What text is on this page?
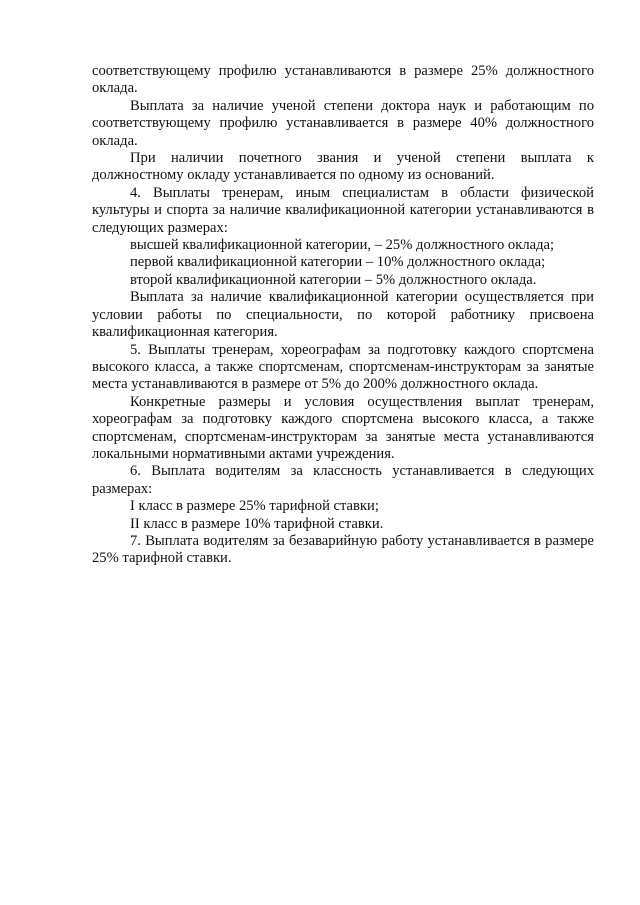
соответствующему профилю устанавливаются в размере 25% должностного оклада.

Выплата за наличие ученой степени доктора наук и работающим по соответствующему профилю устанавливается в размере 40% должностного оклада.

При наличии почетного звания и ученой степени выплата к должностному окладу устанавливается по одному из оснований.

4. Выплаты тренерам, иным специалистам в области физической культуры и спорта за наличие квалификационной категории устанавливаются в следующих размерах:

высшей квалификационной категории, – 25% должностного оклада;

первой квалификационной категории – 10% должностного оклада;

второй квалификационной категории – 5% должностного оклада.

Выплата за наличие квалификационной категории осуществляется при условии работы по специальности, по которой работнику присвоена квалификационная категория.

5. Выплаты тренерам, хореографам за подготовку каждого спортсмена высокого класса, а также спортсменам, спортсменам-инструкторам за занятые места устанавливаются в размере от 5% до 200% должностного оклада.

Конкретные размеры и условия осуществления выплат тренерам, хореографам за подготовку каждого спортсмена высокого класса, а также спортсменам, спортсменам-инструкторам за занятые места устанавливаются локальными нормативными актами учреждения.

6. Выплата водителям за классность устанавливается в следующих размерах:

I класс в размере 25% тарифной ставки;

II класс в размере 10% тарифной ставки.

7. Выплата водителям за безаварийную работу устанавливается в размере 25% тарифной ставки.
